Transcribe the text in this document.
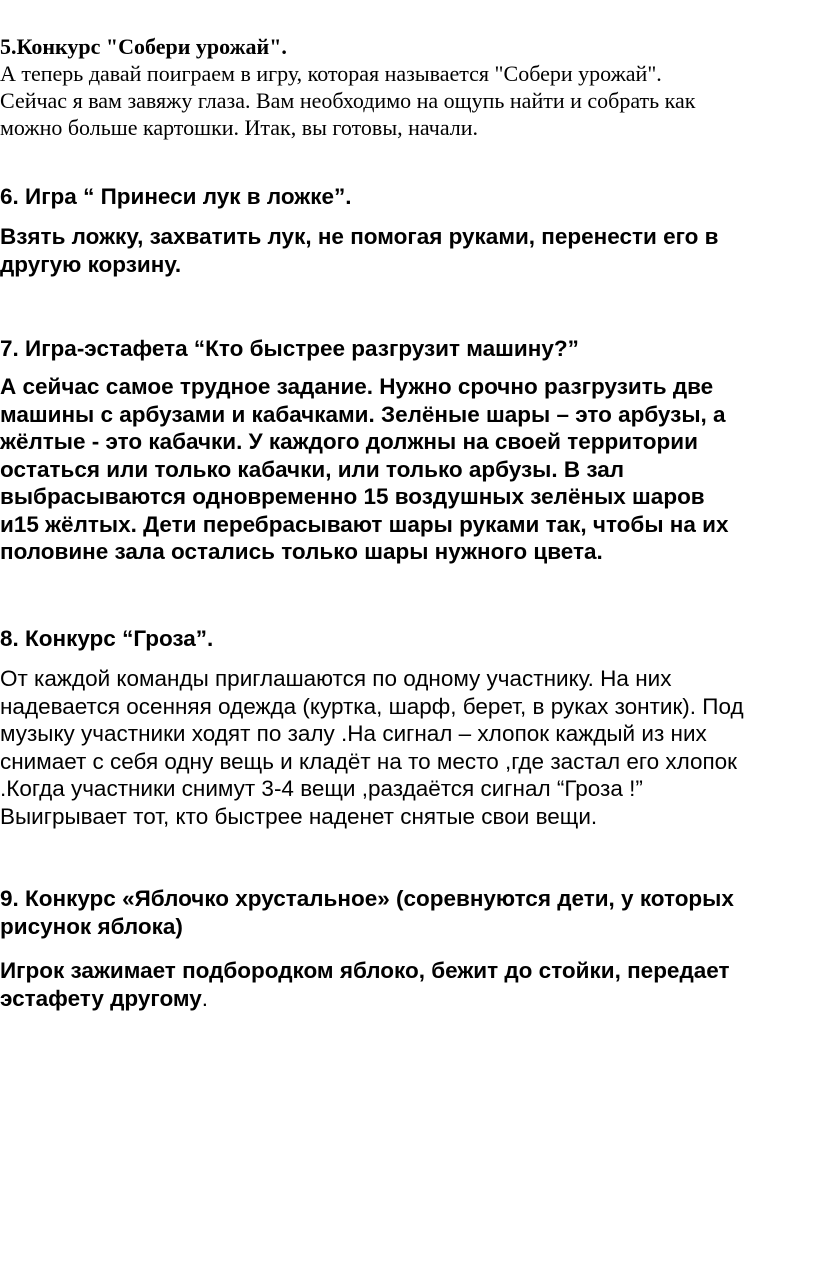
5.Конкурс "Собери урожай".
А теперь давай поиграем в игру, которая называется "Собери урожай".
Сейчас я вам завяжу глаза. Вам необходимо на ощупь найти и собрать как
можно больше картошки. Итак, вы готовы, начали.
6. Игра “ Принеси лук в ложке”.
Взять ложку, захватить лук, не помогая руками, перенести его в
другую корзину.
7. Игра-эстафета “Кто быстрее разгрузит машину?”
А сейчас самое трудное задание. Нужно срочно разгрузить две
машины с арбузами и кабачками. Зелёные шары – это арбузы, а
жёлтые - это кабачки. У каждого должны на своей территории
остаться или только кабачки, или только арбузы. В зал
выбрасываются одновременно 15 воздушных зелёных шаров
и15 жёлтых. Дети перебрасывают шары руками так, чтобы на их
половине зала остались только шары нужного цвета.
8. Конкурс “Гроза”.
От каждой команды приглашаются по одному участнику. На них
надевается осенняя одежда (куртка, шарф, берет, в руках зонтик). Под
музыку участники ходят по залу .На сигнал – хлопок каждый из них
снимает с себя одну вещь и кладёт на то место ,где застал его хлопок
.Когда участники снимут 3-4 вещи ,раздаётся сигнал “Гроза !”
Выигрывает тот, кто быстрее наденет снятые свои вещи.
9. Конкурс «Яблочко хрустальное» (соревнуются дети, у которых
рисунок яблока)
Игрок зажимает подбородком яблоко, бежит до стойки, передает
эстафету другому.
